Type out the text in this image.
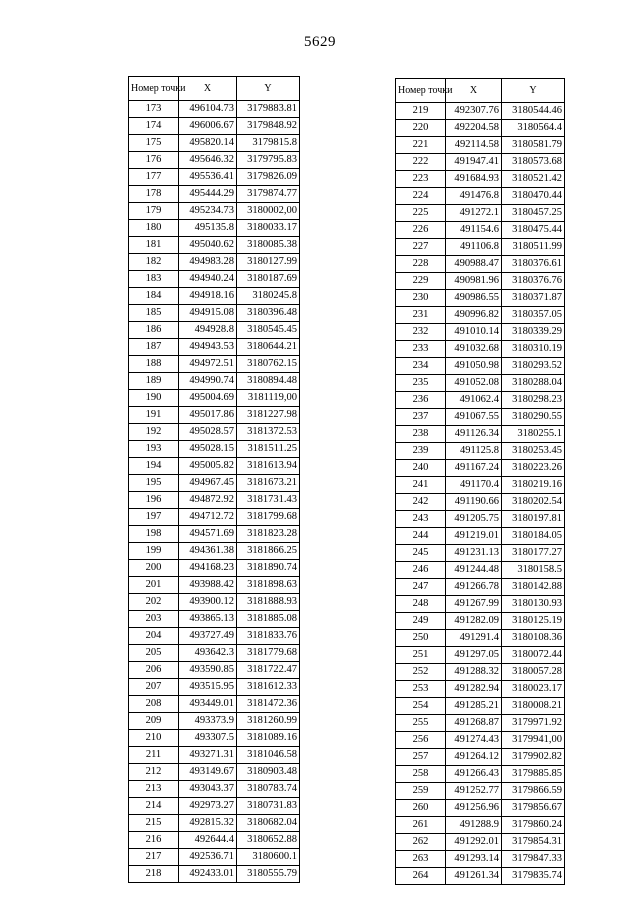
5629
Номер точки	X	Y
173	496104.73	3179883.81
174	496006.67	3179848.92
175	495820.14	3179815.8
176	495646.32	3179795.83
177	495536.41	3179826.09
178	495444.29	3179874.77
179	495234.73	3180002,00
180	495135.8	3180033.17
181	495040.62	3180085.38
182	494983.28	3180127.99
183	494940.24	3180187.69
184	494918.16	3180245.8
185	494915.08	3180396.48
186	494928.8	3180545.45
187	494943.53	3180644.21
188	494972.51	3180762.15
189	494990.74	3180894.48
190	495004.69	3181119,00
191	495017.86	3181227.98
192	495028.57	3181372.53
193	495028.15	3181511.25
194	495005.82	3181613.94
195	494967.45	3181673.21
196	494872.92	3181731.43
197	494712.72	3181799.68
198	494571.69	3181823.28
199	494361.38	3181866.25
200	494168.23	3181890.74
201	493988.42	3181898.63
202	493900.12	3181888.93
203	493865.13	3181885.08
204	493727.49	3181833.76
205	493642.3	3181779.68
206	493590.85	3181722.47
207	493515.95	3181612.33
208	493449.01	3181472.36
209	493373.9	3181260.99
210	493307.5	3181089.16
211	493271.31	3181046.58
212	493149.67	3180903.48
213	493043.37	3180783.74
214	492973.27	3180731.83
215	492815.32	3180682.04
216	492644.4	3180652.88
217	492536.71	3180600.1
218	492433.01	3180555.79
Номер точки	X	Y
219	492307.76	3180544.46
220	492204.58	3180564.4
221	492114.58	3180581.79
222	491947.41	3180573.68
223	491684.93	3180521.42
224	491476.8	3180470.44
225	491272.1	3180457.25
226	491154.6	3180475.44
227	491106.8	3180511.99
228	490988.47	3180376.61
229	490981.96	3180376.76
230	490986.55	3180371.87
231	490996.82	3180357.05
232	491010.14	3180339.29
233	491032.68	3180310.19
234	491050.98	3180293.52
235	491052.08	3180288.04
236	491062.4	3180298.23
237	491067.55	3180290.55
238	491126.34	3180255.1
239	491125.8	3180253.45
240	491167.24	3180223.26
241	491170.4	3180219.16
242	491190.66	3180202.54
243	491205.75	3180197.81
244	491219.01	3180184.05
245	491231.13	3180177.27
246	491244.48	3180158.5
247	491266.78	3180142.88
248	491267.99	3180130.93
249	491282.09	3180125.19
250	491291.4	3180108.36
251	491297.05	3180072.44
252	491288.32	3180057.28
253	491282.94	3180023.17
254	491285.21	3180008.21
255	491268.87	3179971.92
256	491274.43	3179941,00
257	491264.12	3179902.82
258	491266.43	3179885.85
259	491252.77	3179866.59
260	491256.96	3179856.67
261	491288.9	3179860.24
262	491292.01	3179854.31
263	491293.14	3179847.33
264	491261.34	3179835.74
